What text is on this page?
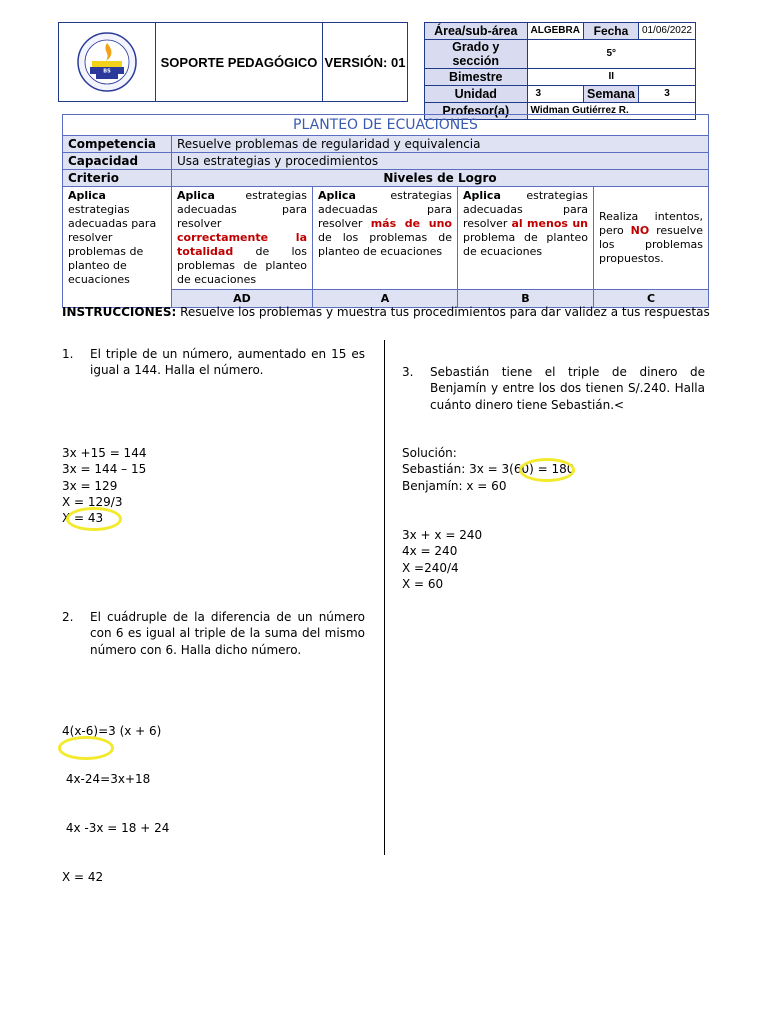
BS
SOPORTE PEDAGÓGICO VERSIÓN: 01
Área/sub-área	ALGEBRA	Fecha	01/06/2022
Grado y sección	5°		
Bimestre	II		
Unidad	3	Semana	3
Profesor(a)	Widman Gutiérrez R.		
PLANTEO DE ECUACIONES				
Competencia	Resuelve problemas de regularidad y equivalencia			
Capacidad	Usa estrategias y procedimientos			
Criterio	Niveles de Logro			
Aplica estrategias adecuadas para resolver problemas de planteo de ecuaciones	Aplica estrategias adecuadas para resolver correctamente la totalidad de los problemas de planteo de ecuaciones	Aplica estrategias adecuadas para resolver más de uno de los problemas de planteo de ecuaciones	Aplica estrategias adecuadas para resolver al menos un problema de planteo de ecuaciones	Realiza intentos, pero NO resuelve los problemas propuestos.
	AD	A	B	C
INSTRUCCIONES: Resuelve los problemas y muestra tus procedimientos para dar validez a tus respuestas
1. El triple de un número, aumentado en 15 es igual a 144. Halla el número.
3x +15 = 144
3x = 144 – 15
3x = 129
X = 129/3
X = 43
2. El cuádruple de la diferencia de un número con 6 es igual al triple de la suma del mismo número con 6. Halla dicho número.

4(x-6)=3 (x + 6)

4x-24=3x+18

4x -3x = 18 + 24

X = 42

3. Sebastián tiene el triple de dinero de Benjamín y entre los dos tienen S/.240. Halla cuánto dinero tiene Sebastián.<
Solución:
Sebastián: 3x = 3(60) = 180
Benjamín: x = 60
3x + x = 240
4x = 240
X =240/4
X = 60
